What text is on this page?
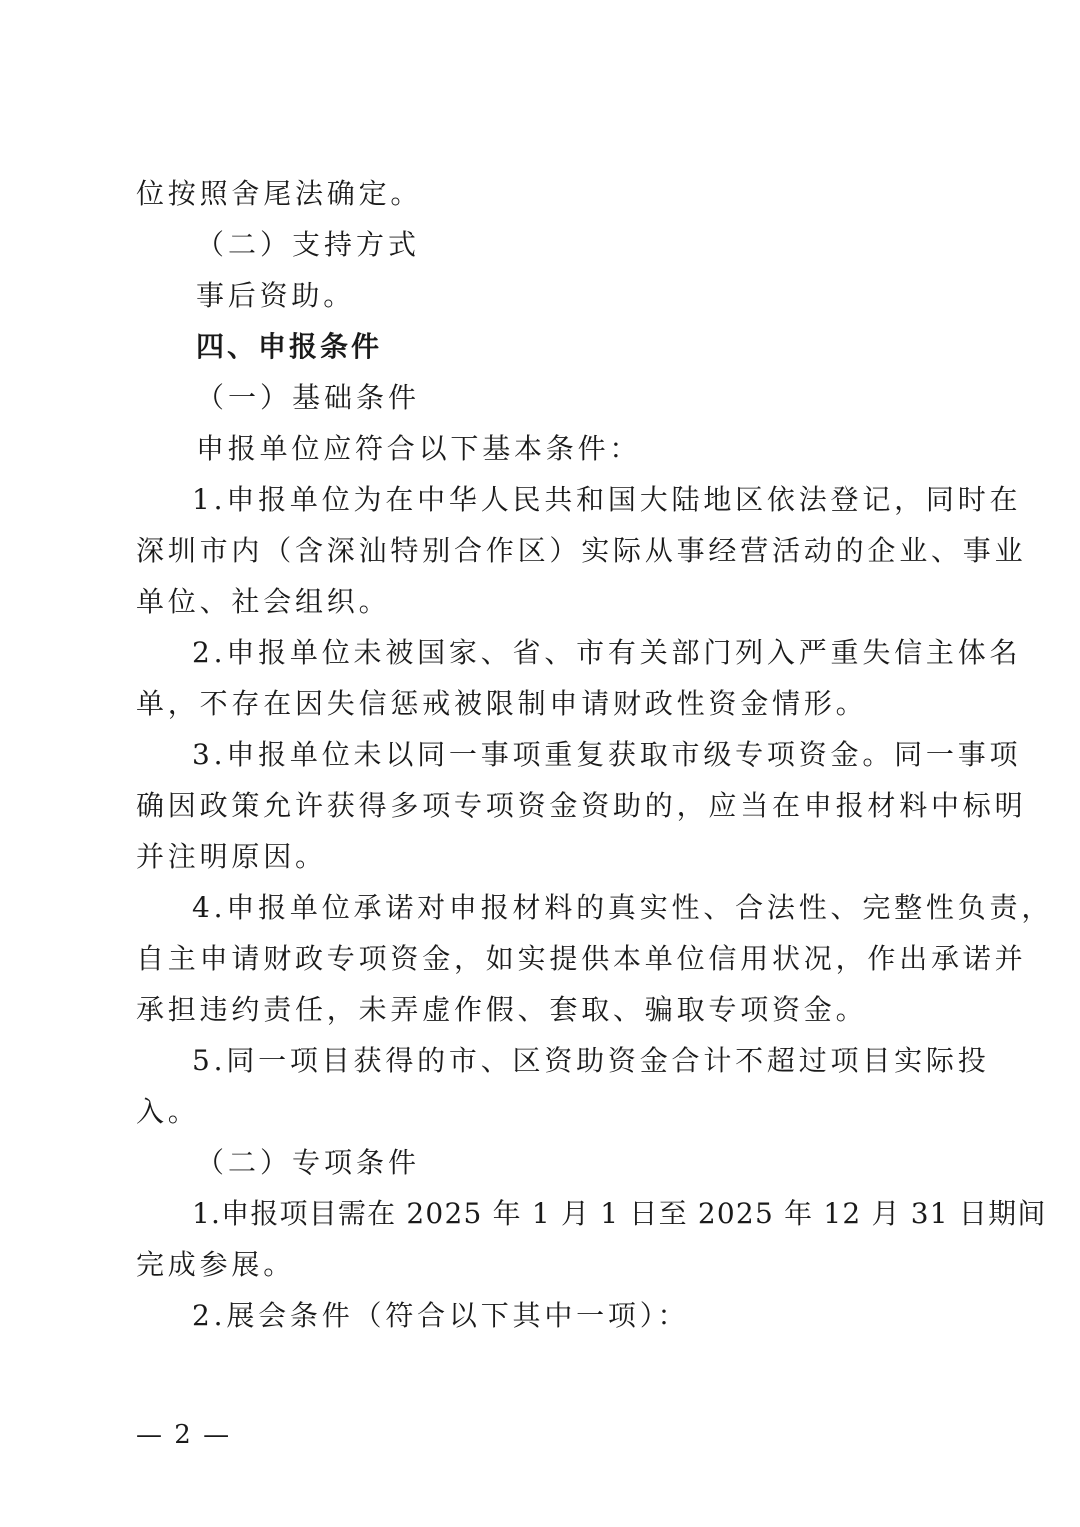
位按照舍尾法确定。
（二）支持方式
事后资助。
四、申报条件
（一）基础条件
申报单位应符合以下基本条件：
1.申报单位为在中华人民共和国大陆地区依法登记，同时在
深圳市内（含深汕特别合作区）实际从事经营活动的企业、事业
单位、社会组织。
2.申报单位未被国家、省、市有关部门列入严重失信主体名
单，不存在因失信惩戒被限制申请财政性资金情形。
3.申报单位未以同一事项重复获取市级专项资金。同一事项
确因政策允许获得多项专项资金资助的，应当在申报材料中标明
并注明原因。
4.申报单位承诺对申报材料的真实性、合法性、完整性负责，
自主申请财政专项资金，如实提供本单位信用状况，作出承诺并
承担违约责任，未弄虚作假、套取、骗取专项资金。
5.同一项目获得的市、区资助资金合计不超过项目实际投
入。
（二）专项条件
1.申报项目需在 2025 年 1 月 1 日至 2025 年 12 月 31 日期间
完成参展。
2.展会条件（符合以下其中一项）：
— 2 —
